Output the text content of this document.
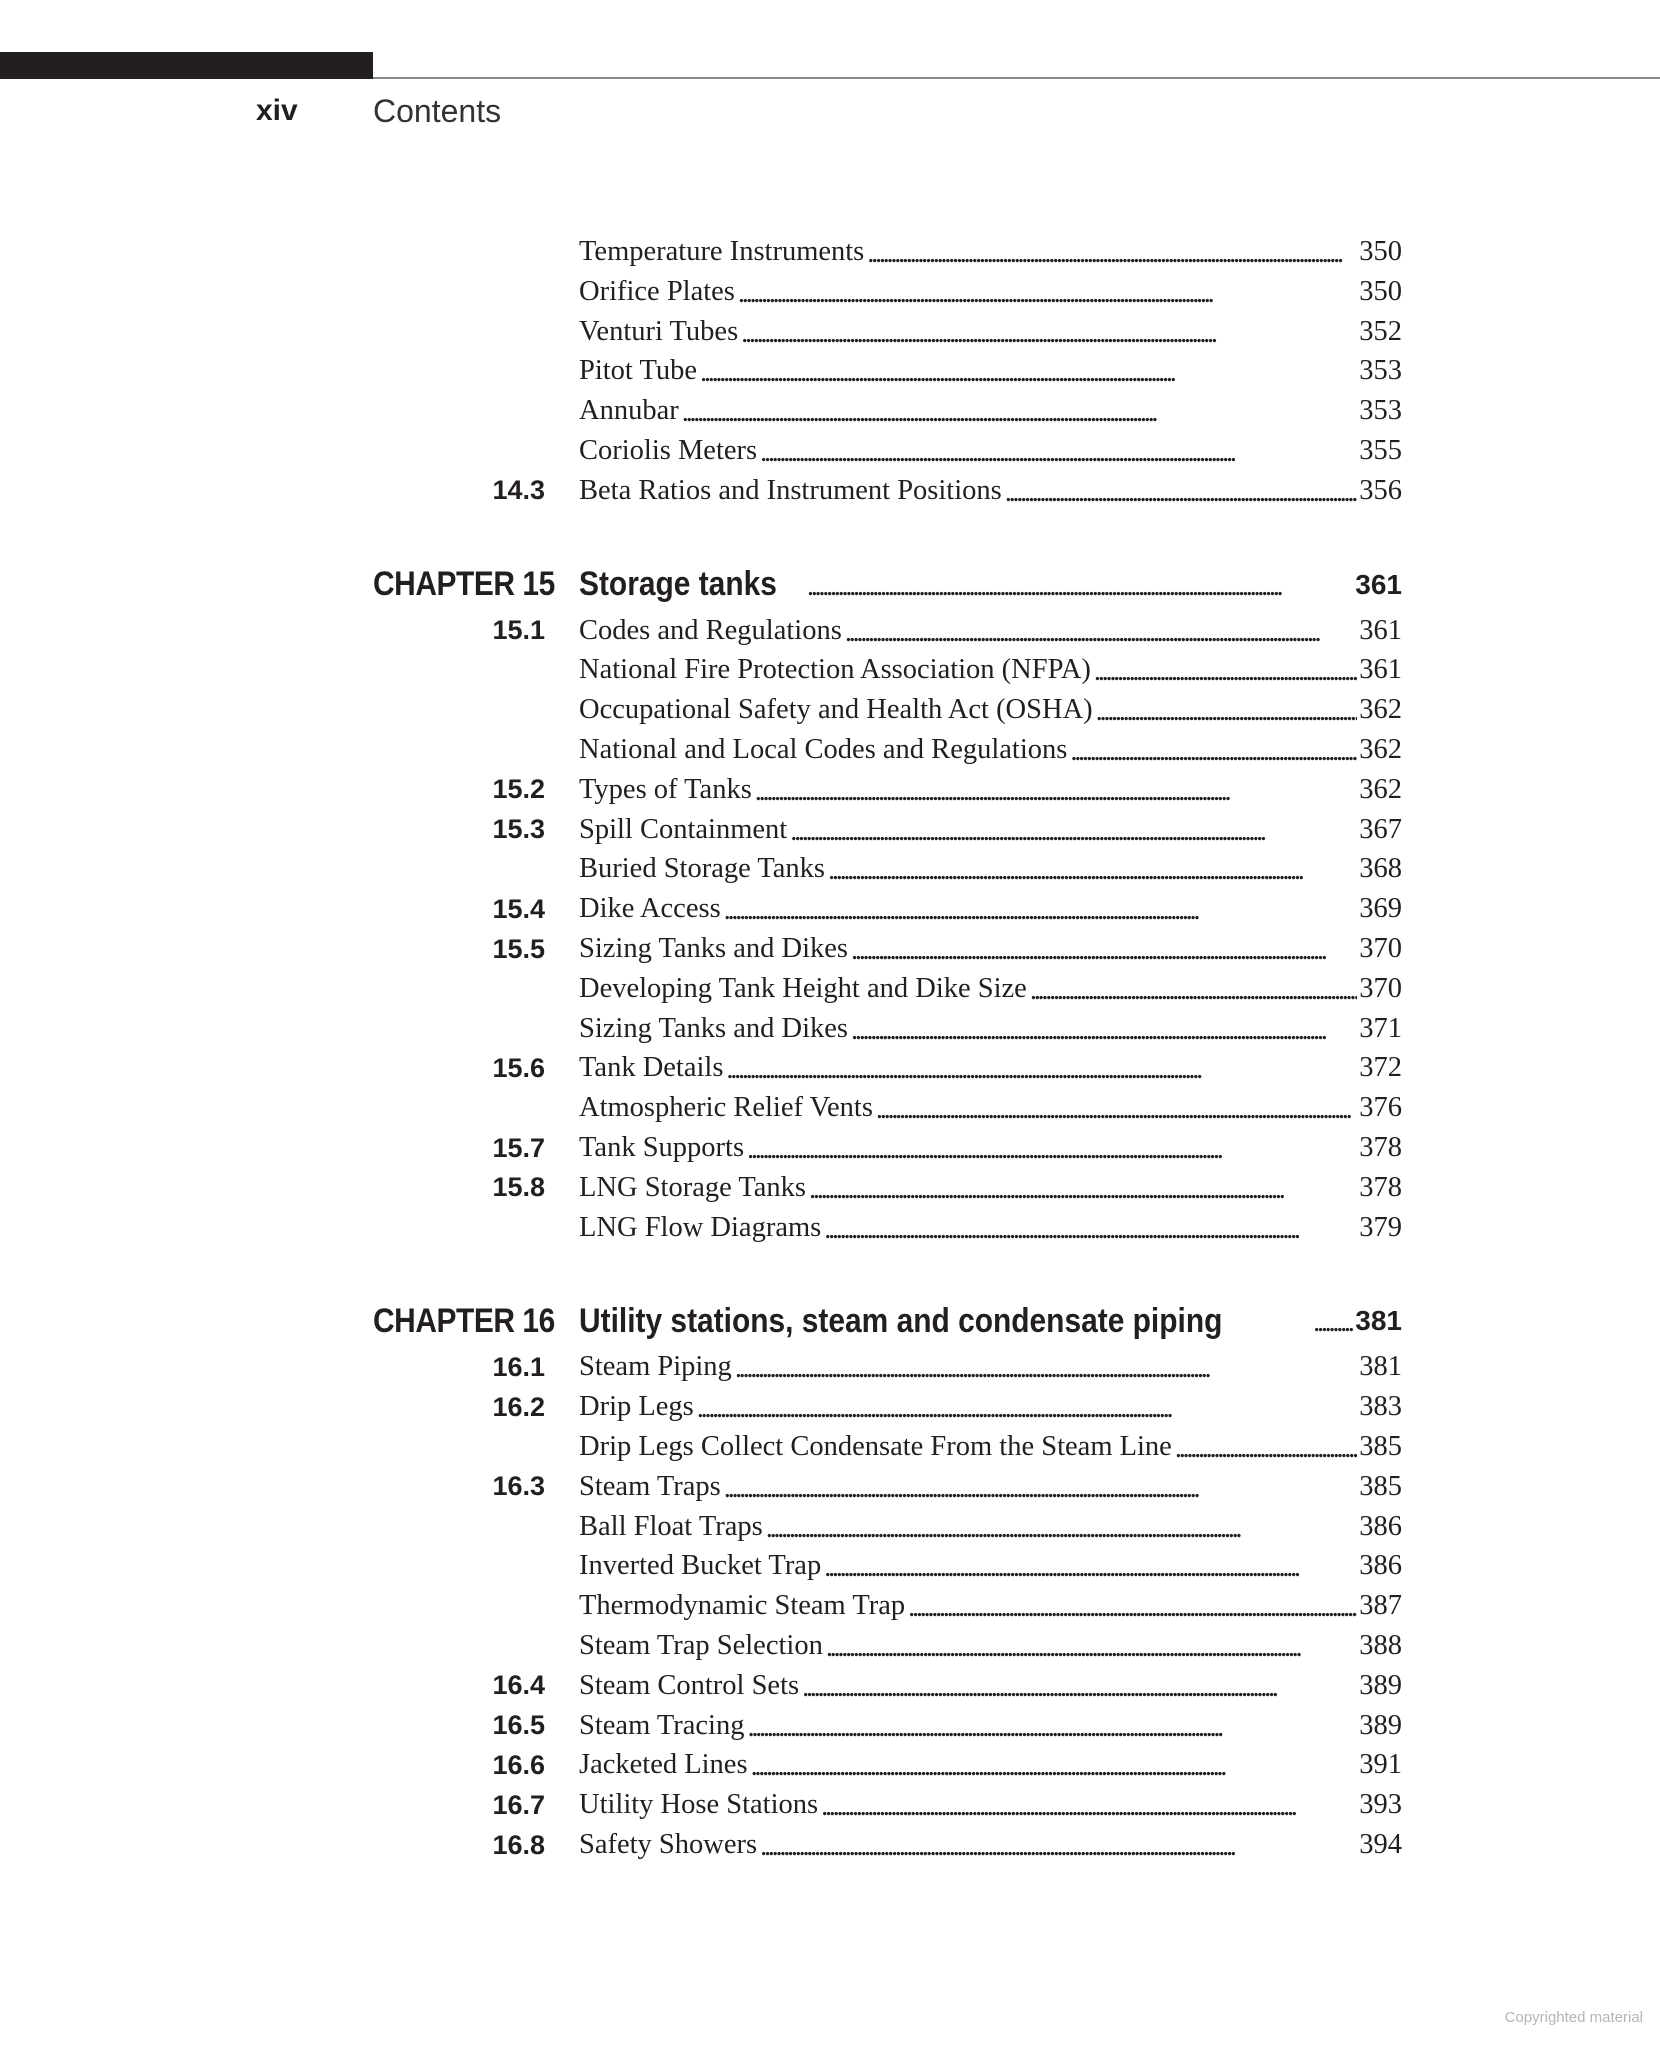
xiv Contents
Temperature Instruments . . .	350
Orifice Plates . . .	350
Venturi Tubes . . .	352
Pitot Tube . . .	353
Annubar . . .	353
Coriolis Meters . . .	355
14.3 Beta Ratios and Instrument Positions . . .	356
CHAPTER 15 Storage tanks . . .	361
15.1 Codes and Regulations . . .	361
National Fire Protection Association (NFPA) . . .	361
Occupational Safety and Health Act (OSHA) . . .	362
National and Local Codes and Regulations . . .	362
15.2 Types of Tanks . . .	362
15.3 Spill Containment . . .	367
Buried Storage Tanks . . .	368
15.4 Dike Access . . .	369
15.5 Sizing Tanks and Dikes . . .	370
Developing Tank Height and Dike Size . . .	370
Sizing Tanks and Dikes . . .	371
15.6 Tank Details . . .	372
Atmospheric Relief Vents . . .	376
15.7 Tank Supports . . .	378
15.8 LNG Storage Tanks . . .	378
LNG Flow Diagrams . . .	379
CHAPTER 16 Utility stations, steam and condensate piping . . .	381
16.1 Steam Piping . . .	381
16.2 Drip Legs . . .	383
Drip Legs Collect Condensate From the Steam Line . . .	385
16.3 Steam Traps . . .	385
Ball Float Traps . . .	386
Inverted Bucket Trap . . .	386
Thermodynamic Steam Trap . . .	387
Steam Trap Selection . . .	388
16.4 Steam Control Sets . . .	389
16.5 Steam Tracing . . .	389
16.6 Jacketed Lines . . .	391
16.7 Utility Hose Stations . . .	393
16.8 Safety Showers . . .	394
Copyrighted material
